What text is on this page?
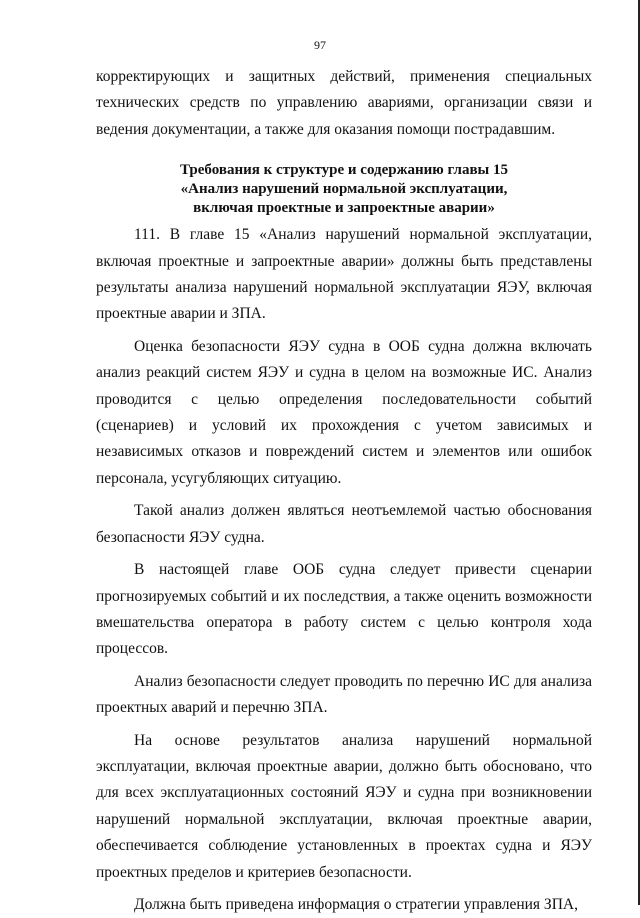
97

корректирующих и защитных действий, применения специальных технических средств по управлению авариями, организации связи и ведения документации, а также для оказания помощи пострадавшим.

Требования к структуре и содержанию главы 15
«Анализ нарушений нормальной эксплуатации,
включая проектные и запроектные аварии»

111. В главе 15 «Анализ нарушений нормальной эксплуатации, включая проектные и запроектные аварии» должны быть представлены результаты анализа нарушений нормальной эксплуатации ЯЭУ, включая проектные аварии и ЗПА.

Оценка безопасности ЯЭУ судна в ООБ судна должна включать анализ реакций систем ЯЭУ и судна в целом на возможные ИС. Анализ проводится с целью определения последовательности событий (сценариев) и условий их прохождения с учетом зависимых и независимых отказов и повреждений систем и элементов или ошибок персонала, усугубляющих ситуацию.

Такой анализ должен являться неотъемлемой частью обоснования безопасности ЯЭУ судна.

В настоящей главе ООБ судна следует привести сценарии прогнозируемых событий и их последствия, а также оценить возможности вмешательства оператора в работу систем с целью контроля хода процессов.

Анализ безопасности следует проводить по перечню ИС для анализа проектных аварий и перечню ЗПА.

На основе результатов анализа нарушений нормальной эксплуатации, включая проектные аварии, должно быть обосновано, что для всех эксплуатационных состояний ЯЭУ и судна при возникновении нарушений нормальной эксплуатации, включая проектные аварии, обеспечивается соблюдение установленных в проектах судна и ЯЭУ проектных пределов и критериев безопасности.

Должна быть приведена информация о стратегии управления ЗПА,
